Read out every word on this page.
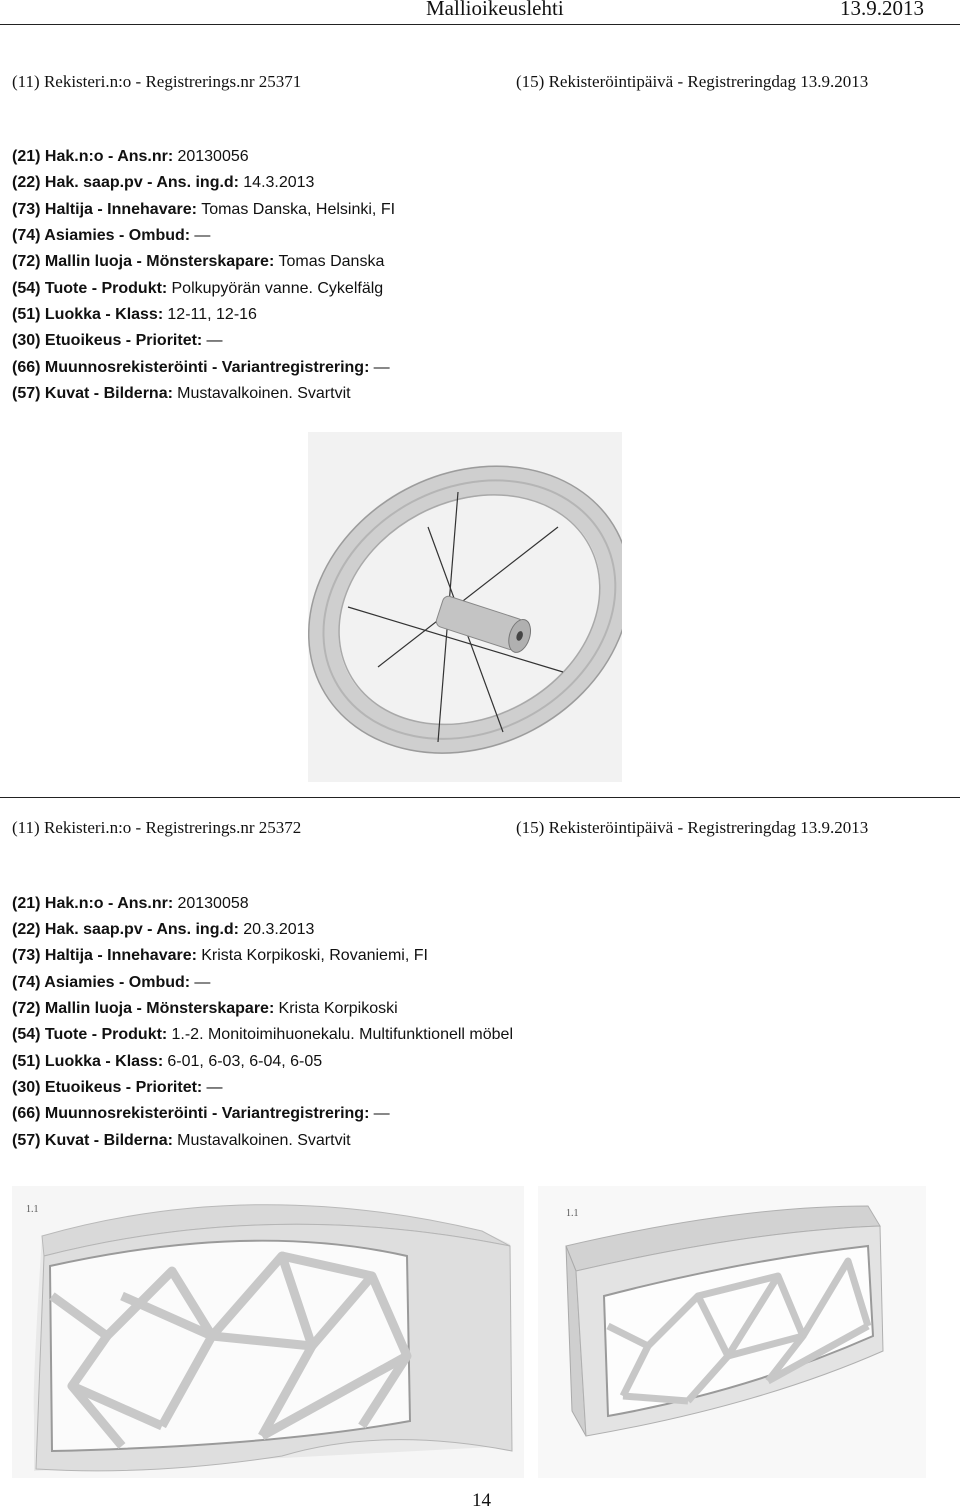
Mallioikeuslehti	13.9.2013
(11) Rekisteri.n:o - Registrerings.nr 25371	(15) Rekisteröintipäivä - Registreringdag 13.9.2013
(21) Hak.n:o - Ans.nr: 20130056
(22) Hak. saap.pv - Ans. ing.d: 14.3.2013
(73) Haltija - Innehavare: Tomas Danska, Helsinki, FI
(74) Asiamies - Ombud: —
(72) Mallin luoja - Mönsterskapare: Tomas Danska
(54) Tuote - Produkt: Polkupyörän vanne. Cykelfälg
(51) Luokka - Klass: 12-11, 12-16
(30) Etuoikeus - Prioritet: —
(66) Muunnosrekisteröinti - Variantregistrering: —
(57) Kuvat - Bilderna: Mustavalkoinen. Svartvit
(11) Rekisteri.n:o - Registrerings.nr 25372	(15) Rekisteröintipäivä - Registreringdag 13.9.2013
(21) Hak.n:o - Ans.nr: 20130058
(22) Hak. saap.pv - Ans. ing.d: 20.3.2013
(73) Haltija - Innehavare: Krista Korpikoski, Rovaniemi, FI
(74) Asiamies - Ombud: —
(72) Mallin luoja - Mönsterskapare: Krista Korpikoski
(54) Tuote - Produkt: 1.-2. Monitoimihuonekalu. Multifunktionell möbel
(51) Luokka - Klass: 6-01, 6-03, 6-04, 6-05
(30) Etuoikeus - Prioritet: —
(66) Muunnosrekisteröinti - Variantregistrering: —
(57) Kuvat - Bilderna: Mustavalkoinen. Svartvit
1.1	1.1
14
